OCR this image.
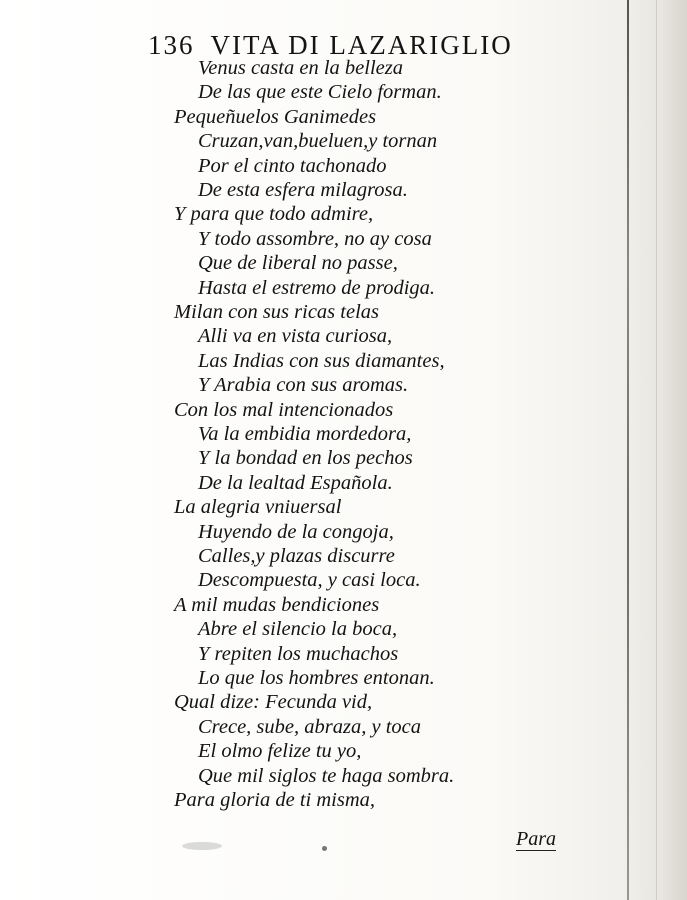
136 VITA DI LAZARIGLIO
Venus casta en la belleza
De las que este Cielo forman.
Pequeñuelos Ganimedes
Cruzan,van,bueluen,y tornan
Por el cinto tachonado
De esta esfera milagrosa.
Y para que todo admire,
Y todo assombre, no ay cosa
Que de liberal no passe,
Hasta el estremo de prodiga.
Milan con sus ricas telas
Alli va en vista curiosa,
Las Indias con sus diamantes,
Y Arabia con sus aromas.
Con los mal intencionados
Va la embidia mordedora,
Y la bondad en los pechos
De la lealtad Española.
La alegria vniuersal
Huyendo de la congoja,
Calles,y plazas discurre
Descompuesta, y casi loca.
A mil mudas bendiciones
Abre el silencio la boca,
Y repiten los muchachos
Lo que los hombres entonan.
Qual dize: Fecunda vid,
Crece, sube, abraza, y toca
El olmo felize tu yo,
Que mil siglos te haga sombra.
Para gloria de ti misma,
Para
